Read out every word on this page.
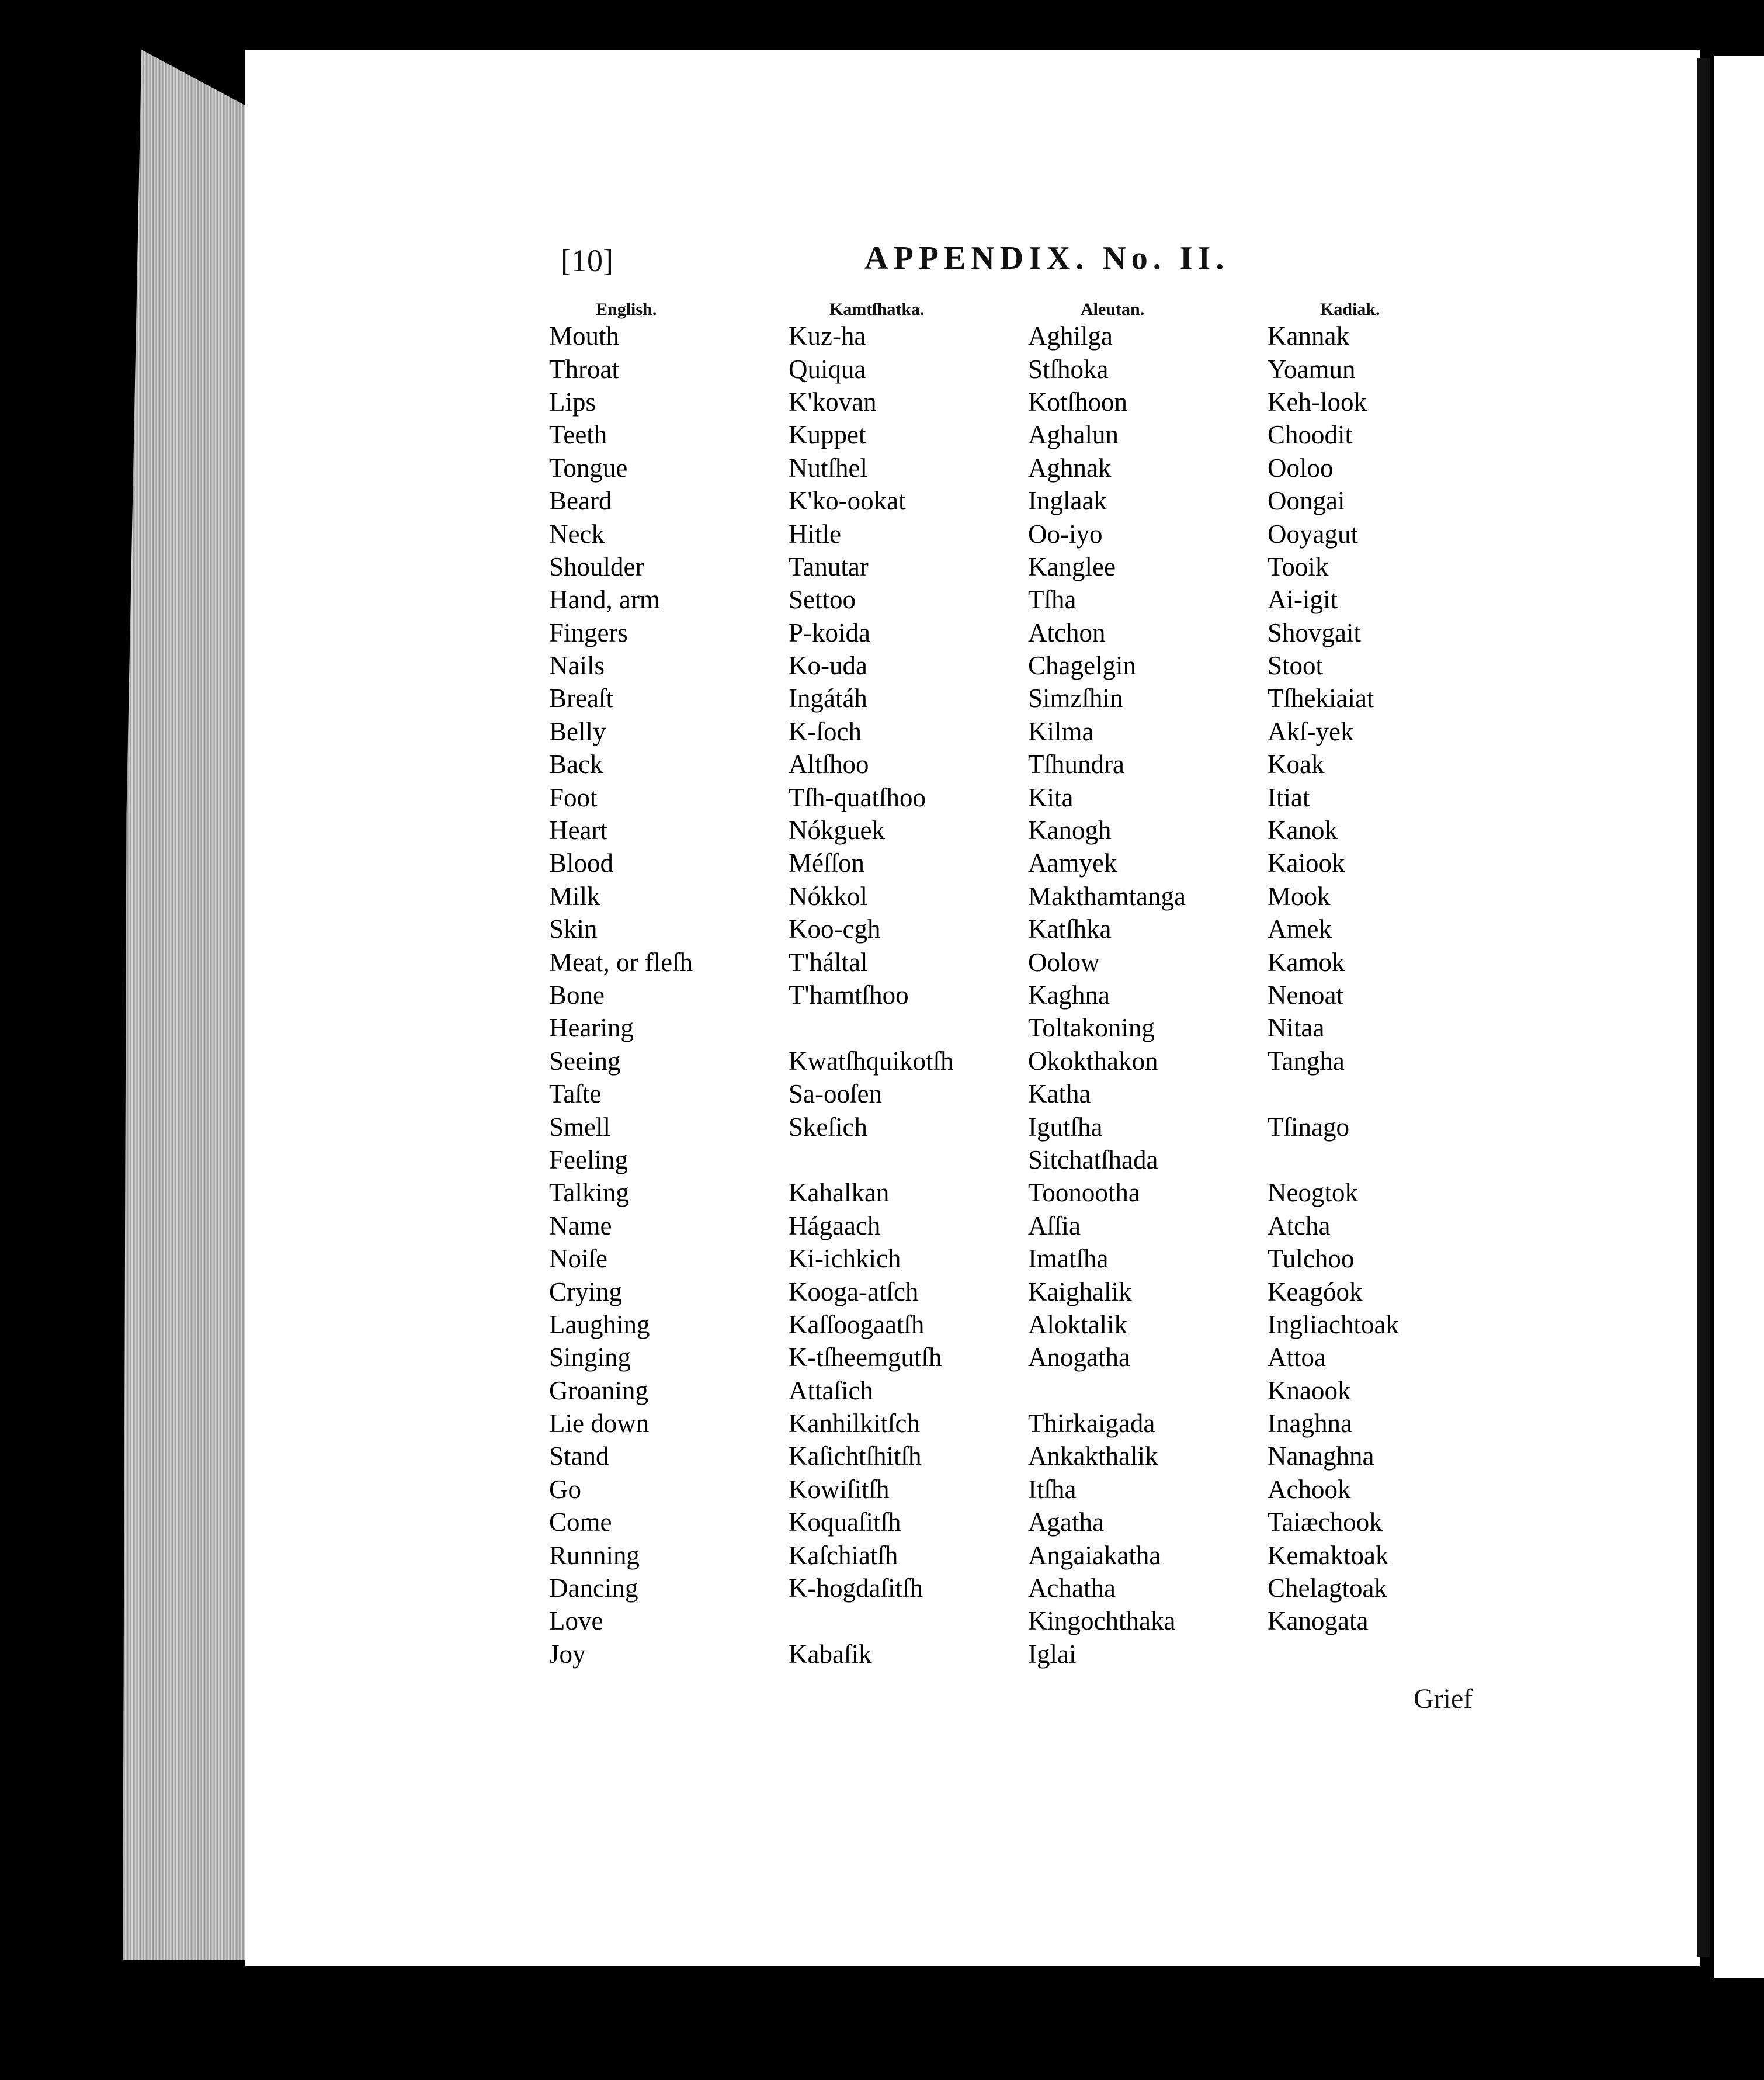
[10]	APPENDIX. No. II.
English.	Kamtſhatka.	Aleutan.	Kadiak.
Mouth	Kuz-ha	Aghilga	Kannak
Throat	Quiqua	Stſhoka	Yoamun
Lips	K'kovan	Kotſhoon	Keh-look
Teeth	Kuppet	Aghalun	Choodit
Tongue	Nutſhel	Aghnak	Ooloo
Beard	K'ko-ookat	Inglaak	Oongai
Neck	Hitle	Oo-iyo	Ooyagut
Shoulder	Tanutar	Kanglee	Tooik
Hand, arm	Settoo	Tſha	Ai-igit
Fingers	P-koida	Atchon	Shovgait
Nails	Ko-uda	Chagelgin	Stoot
Breaſt	Ingátáh	Simzſhin	Tſhekiaiat
Belly	K-ſoch	Kilma	Akſ-yek
Back	Altſhoo	Tſhundra	Koak
Foot	Tſh-quatſhoo	Kita	Itiat
Heart	Nókguek	Kanogh	Kanok
Blood	Méſſon	Aamyek	Kaiook
Milk	Nókkol	Makthamtanga	Mook
Skin	Koo-cgh	Katſhka	Amek
Meat, or fleſh	T'háltal	Oolow	Kamok
Bone	T'hamtſhoo	Kaghna	Nenoat
Hearing		Toltakoning	Nitaa
Seeing	Kwatſhquikotſh	Okokthakon	Tangha
Taſte	Sa-ooſen	Katha	
Smell	Skeſich	Igutſha	Tſinago
Feeling		Sitchatſhada	
Talking	Kahalkan	Toonootha	Neogtok
Name	Hágaach	Aſſia	Atcha
Noiſe	Ki-ichkich	Imatſha	Tulchoo
Crying	Kooga-atſch	Kaighalik	Keagóok
Laughing	Kaſſoogaatſh	Aloktalik	Ingliachtoak
Singing	K-tſheemgutſh	Anogatha	Attoa
Groaning	Attaſich		Knaook
Lie down	Kanhilkitſch	Thirkaigada	Inaghna
Stand	Kaſichtſhitſh	Ankakthalik	Nanaghna
Go	Kowiſitſh	Itſha	Achook
Come	Koquaſitſh	Agatha	Taiæchook
Running	Kaſchiatſh	Angaiakatha	Kemaktoak
Dancing	K-hogdaſitſh	Achatha	Chelagtoak
Love		Kingochthaka	Kanogata
Joy	Kabaſik	Iglai	
Grief
